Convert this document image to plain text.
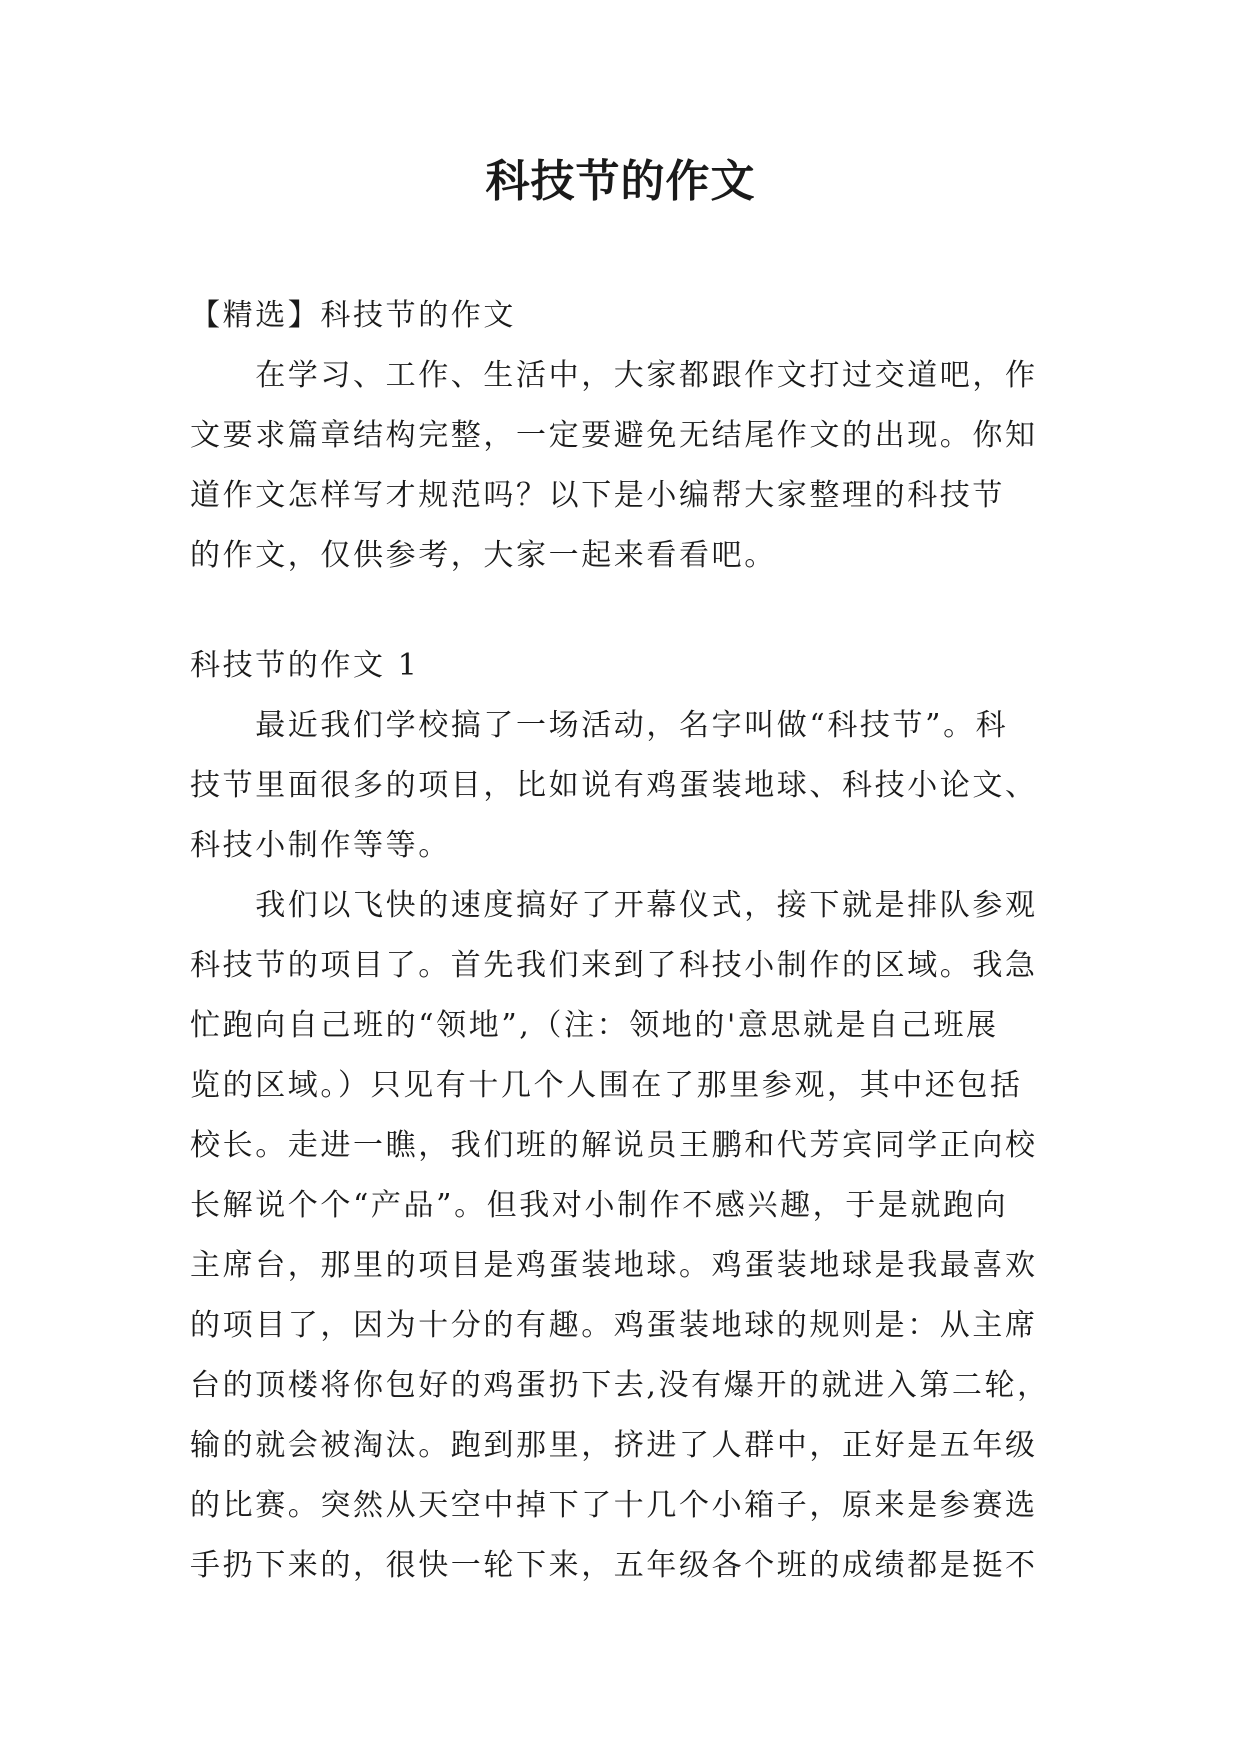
科技节的作文
【精选】科技节的作文
　　在学习、工作、生活中，大家都跟作文打过交道吧，作
文要求篇章结构完整，一定要避免无结尾作文的出现。你知
道作文怎样写才规范吗？以下是小编帮大家整理的科技节
的作文，仅供参考，大家一起来看看吧。
科技节的作文 1
　　最近我们学校搞了一场活动，名字叫做“科技节”。科
技节里面很多的项目，比如说有鸡蛋装地球、科技小论文、
科技小制作等等。
　　我们以飞快的速度搞好了开幕仪式，接下就是排队参观
科技节的项目了。首先我们来到了科技小制作的区域。我急
忙跑向自己班的“领地”,（注：领地的'意思就是自己班展
览的区域。）只见有十几个人围在了那里参观，其中还包括
校长。走进一瞧，我们班的解说员王鹏和代芳宾同学正向校
长解说个个“产品”。但我对小制作不感兴趣，于是就跑向
主席台，那里的项目是鸡蛋装地球。鸡蛋装地球是我最喜欢
的项目了，因为十分的有趣。鸡蛋装地球的规则是：从主席
台的顶楼将你包好的鸡蛋扔下去,没有爆开的就进入第二轮，
输的就会被淘汰。跑到那里，挤进了人群中，正好是五年级
的比赛。突然从天空中掉下了十几个小箱子，原来是参赛选
手扔下来的，很快一轮下来，五年级各个班的成绩都是挺不
